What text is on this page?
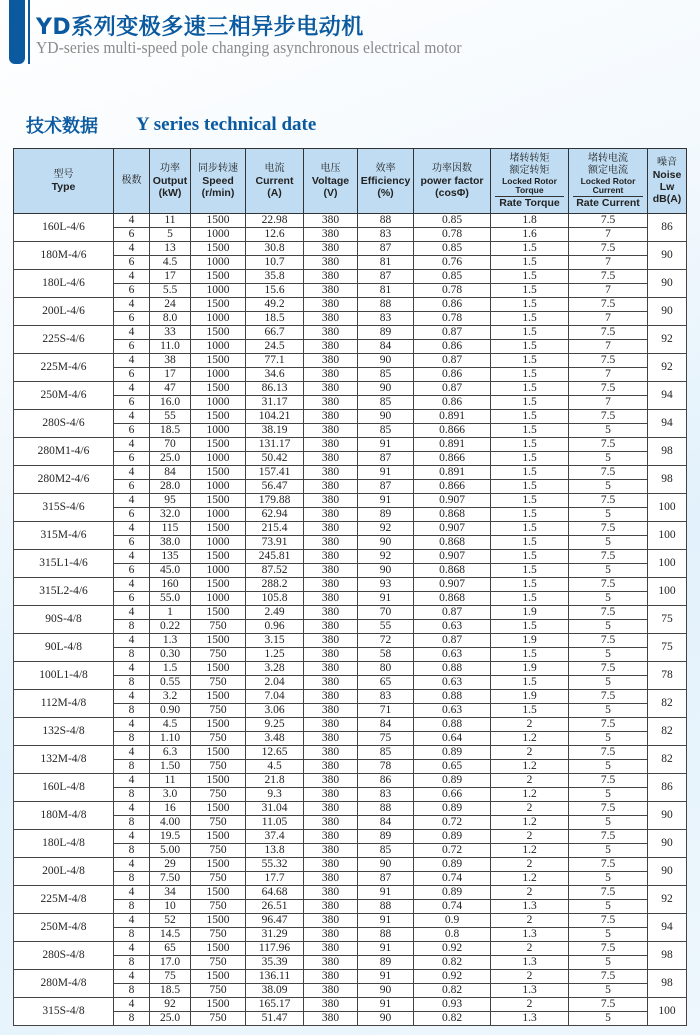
YD系列变极多速三相异步电动机
YD-series multi-speed pole changing asynchronous electrical motor
技术数据 Y series technical date
型号
Type	极数	功率
Output
(kW)	同步转速
Speed
(r/min)	电流
Current
(A)	电压
Voltage
(V)	效率
Efficiency
(%)	功率因数
power factor
(cosΦ)	堵转转矩
额定转矩
Locked Rotor
Torque
Rate Torque	堵转电流
额定电流
Locked Rotor
Current
Rate Current	噪音
Noise
Lw
dB(A)

160L-4/6	4	11	1500	22.98	380	88	0.85	1.8	7.5	86
	6	5	1000	12.6	380	83	0.78	1.6	7	
180M-4/6	4	13	1500	30.8	380	87	0.85	1.5	7.5	90
	6	4.5	1000	10.7	380	81	0.76	1.5	7	
180L-4/6	4	17	1500	35.8	380	87	0.85	1.5	7.5	90
	6	5.5	1000	15.6	380	81	0.78	1.5	7	
200L-4/6	4	24	1500	49.2	380	88	0.86	1.5	7.5	90
	6	8.0	1000	18.5	380	83	0.78	1.5	7	
225S-4/6	4	33	1500	66.7	380	89	0.87	1.5	7.5	92
	6	11.0	1000	24.5	380	84	0.86	1.5	7	
225M-4/6	4	38	1500	77.1	380	90	0.87	1.5	7.5	92
	6	17	1000	34.6	380	85	0.86	1.5	7	
250M-4/6	4	47	1500	86.13	380	90	0.87	1.5	7.5	94
	6	16.0	1000	31.17	380	85	0.86	1.5	7	
280S-4/6	4	55	1500	104.21	380	90	0.891	1.5	7.5	94
	6	18.5	1000	38.19	380	85	0.866	1.5	5	
280M1-4/6	4	70	1500	131.17	380	91	0.891	1.5	7.5	98
	6	25.0	1000	50.42	380	87	0.866	1.5	5	
280M2-4/6	4	84	1500	157.41	380	91	0.891	1.5	7.5	98
	6	28.0	1000	56.47	380	87	0.866	1.5	5	
315S-4/6	4	95	1500	179.88	380	91	0.907	1.5	7.5	100
	6	32.0	1000	62.94	380	89	0.868	1.5	5	
315M-4/6	4	115	1500	215.4	380	92	0.907	1.5	7.5	100
	6	38.0	1000	73.91	380	90	0.868	1.5	5	
315L1-4/6	4	135	1500	245.81	380	92	0.907	1.5	7.5	100
	6	45.0	1000	87.52	380	90	0.868	1.5	5	
315L2-4/6	4	160	1500	288.2	380	93	0.907	1.5	7.5	100
	6	55.0	1000	105.8	380	91	0.868	1.5	5	
90S-4/8	4	1	1500	2.49	380	70	0.87	1.9	7.5	75
	8	0.22	750	0.96	380	55	0.63	1.5	5	
90L-4/8	4	1.3	1500	3.15	380	72	0.87	1.9	7.5	75
	8	0.30	750	1.25	380	58	0.63	1.5	5	
100L1-4/8	4	1.5	1500	3.28	380	80	0.88	1.9	7.5	78
	8	0.55	750	2.04	380	65	0.63	1.5	5	
112M-4/8	4	3.2	1500	7.04	380	83	0.88	1.9	7.5	82
	8	0.90	750	3.06	380	71	0.63	1.5	5	
132S-4/8	4	4.5	1500	9.25	380	84	0.88	2	7.5	82
	8	1.10	750	3.48	380	75	0.64	1.2	5	
132M-4/8	4	6.3	1500	12.65	380	85	0.89	2	7.5	82
	8	1.50	750	4.5	380	78	0.65	1.2	5	
160L-4/8	4	11	1500	21.8	380	86	0.89	2	7.5	86
	8	3.0	750	9.3	380	83	0.66	1.2	5	
180M-4/8	4	16	1500	31.04	380	88	0.89	2	7.5	90
	8	4.00	750	11.05	380	84	0.72	1.2	5	
180L-4/8	4	19.5	1500	37.4	380	89	0.89	2	7.5	90
	8	5.00	750	13.8	380	85	0.72	1.2	5	
200L-4/8	4	29	1500	55.32	380	90	0.89	2	7.5	90
	8	7.50	750	17.7	380	87	0.74	1.2	5	
225M-4/8	4	34	1500	64.68	380	91	0.89	2	7.5	92
	8	10	750	26.51	380	88	0.74	1.3	5	
250M-4/8	4	52	1500	96.47	380	91	0.9	2	7.5	94
	8	14.5	750	31.29	380	88	0.8	1.3	5	
280S-4/8	4	65	1500	117.96	380	91	0.92	2	7.5	98
	8	17.0	750	35.39	380	89	0.82	1.3	5	
280M-4/8	4	75	1500	136.11	380	91	0.92	2	7.5	98
	8	18.5	750	38.09	380	90	0.82	1.3	5	
315S-4/8	4	92	1500	165.17	380	91	0.93	2	7.5	100
	8	25.0	750	51.47	380	90	0.82	1.3	5	
